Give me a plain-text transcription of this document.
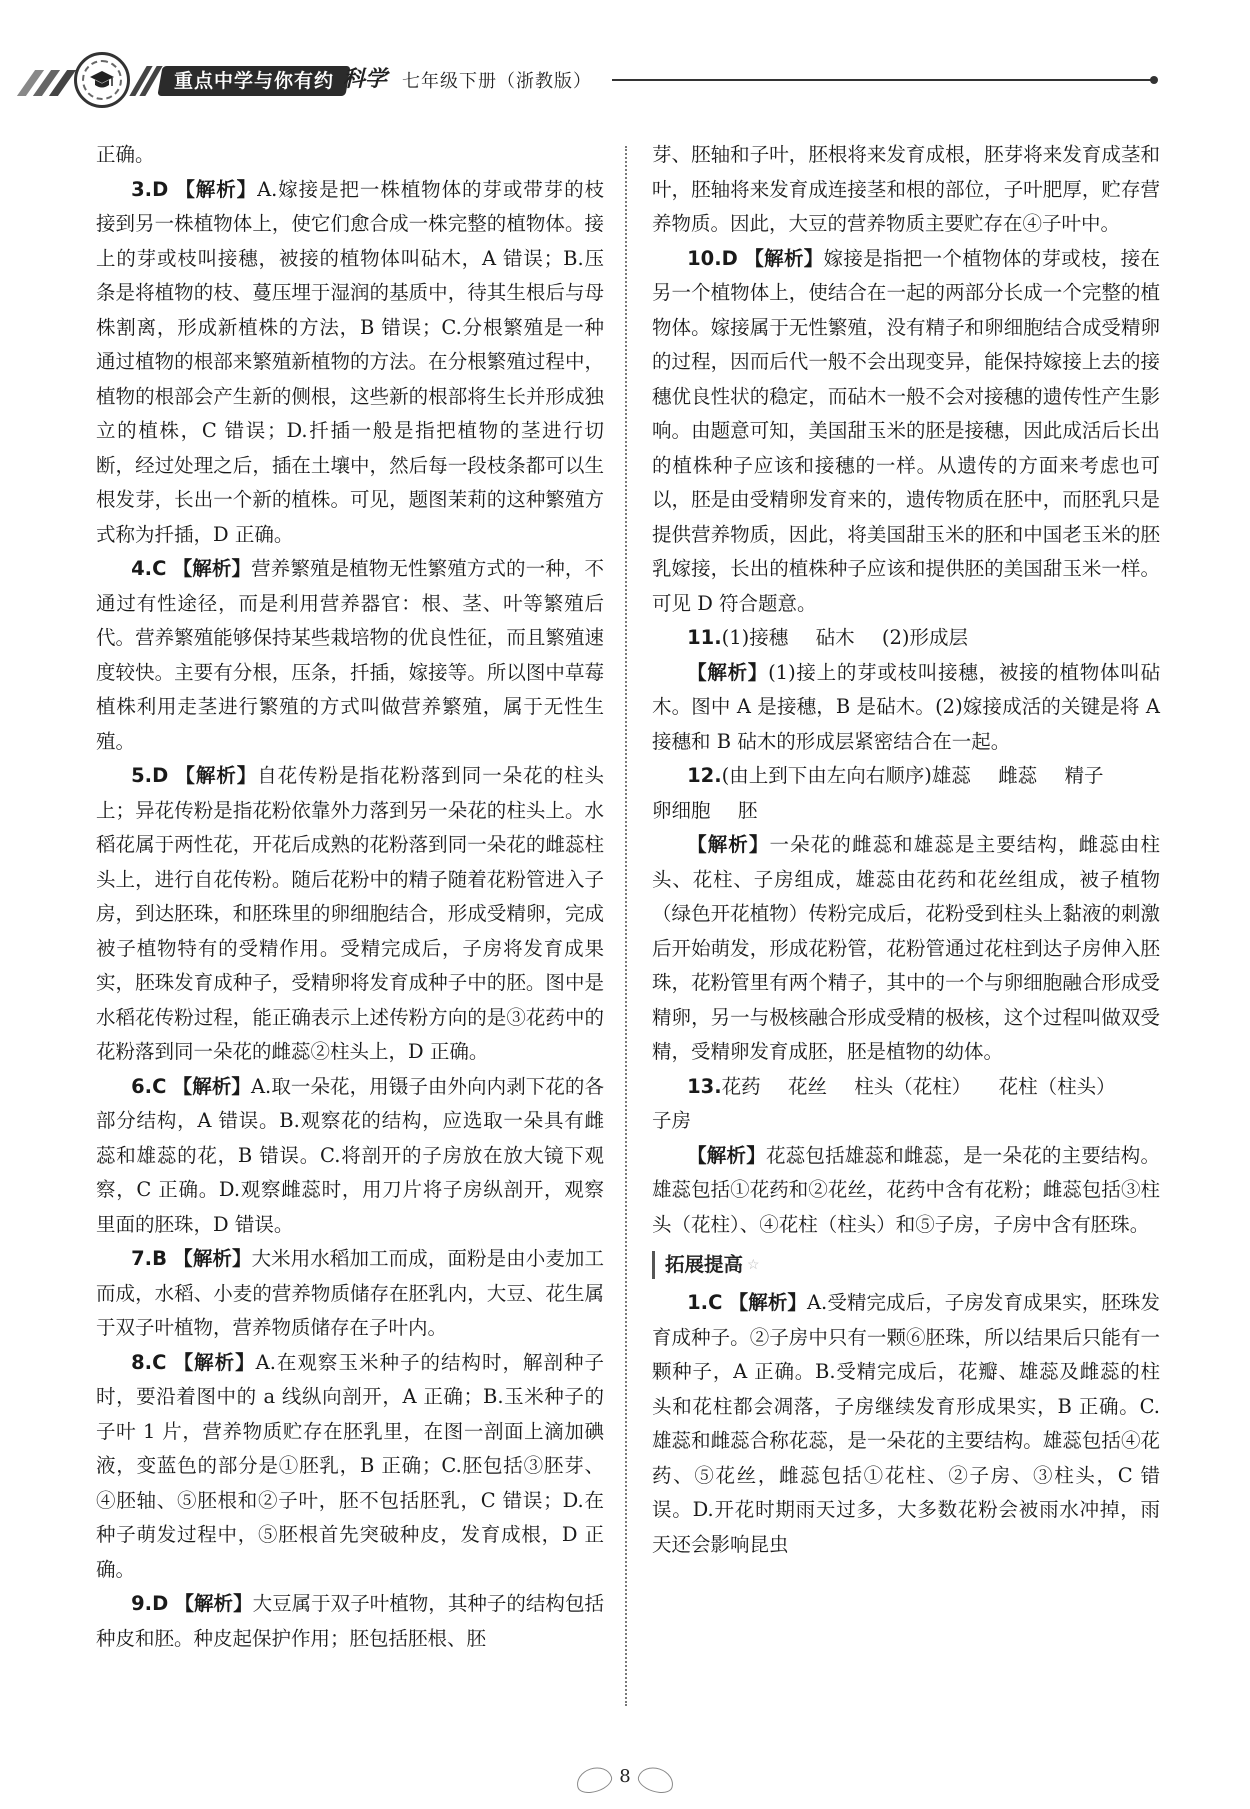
重点中学与你有约 科学 七年级下册（浙教版）

正确。

3.D 【解析】A.嫁接是把一株植物体的芽或带芽的枝接到另一株植物体上，使它们愈合成一株完整的植物体。接上的芽或枝叫接穗，被接的植物体叫砧木，A 错误；B.压条是将植物的枝、蔓压埋于湿润的基质中，待其生根后与母株割离，形成新植株的方法，B 错误；C.分根繁殖是一种通过植物的根部来繁殖新植物的方法。在分根繁殖过程中，植物的根部会产生新的侧根，这些新的根部将生长并形成独立的植株，C 错误；D.扦插一般是指把植物的茎进行切断，经过处理之后，插在土壤中，然后每一段枝条都可以生根发芽，长出一个新的植株。可见，题图茉莉的这种繁殖方式称为扦插，D 正确。

4.C 【解析】营养繁殖是植物无性繁殖方式的一种，不通过有性途径，而是利用营养器官：根、茎、叶等繁殖后代。营养繁殖能够保持某些栽培物的优良性征，而且繁殖速度较快。主要有分根，压条，扦插，嫁接等。所以图中草莓植株利用走茎进行繁殖的方式叫做营养繁殖，属于无性生殖。

5.D 【解析】自花传粉是指花粉落到同一朵花的柱头上；异花传粉是指花粉依靠外力落到另一朵花的柱头上。水稻花属于两性花，开花后成熟的花粉落到同一朵花的雌蕊柱头上，进行自花传粉。随后花粉中的精子随着花粉管进入子房，到达胚珠，和胚珠里的卵细胞结合，形成受精卵，完成被子植物特有的受精作用。受精完成后，子房将发育成果实，胚珠发育成种子，受精卵将发育成种子中的胚。图中是水稻花传粉过程，能正确表示上述传粉方向的是③花药中的花粉落到同一朵花的雌蕊②柱头上，D 正确。

6.C 【解析】A.取一朵花，用镊子由外向内剥下花的各部分结构，A 错误。B.观察花的结构，应选取一朵具有雌蕊和雄蕊的花，B 错误。C.将剖开的子房放在放大镜下观察，C 正确。D.观察雌蕊时，用刀片将子房纵剖开，观察里面的胚珠，D 错误。

7.B 【解析】大米用水稻加工而成，面粉是由小麦加工而成，水稻、小麦的营养物质储存在胚乳内，大豆、花生属于双子叶植物，营养物质储存在子叶内。

8.C 【解析】A.在观察玉米种子的结构时，解剖种子时，要沿着图中的 a 线纵向剖开，A 正确；B.玉米种子的子叶 1 片，营养物质贮存在胚乳里，在图一剖面上滴加碘液，变蓝色的部分是①胚乳，B 正确；C.胚包括③胚芽、④胚轴、⑤胚根和②子叶，胚不包括胚乳，C 错误；D.在种子萌发过程中，⑤胚根首先突破种皮，发育成根，D 正确。

9.D 【解析】大豆属于双子叶植物，其种子的结构包括种皮和胚。种皮起保护作用；胚包括胚根、胚

芽、胚轴和子叶，胚根将来发育成根，胚芽将来发育成茎和叶，胚轴将来发育成连接茎和根的部位，子叶肥厚，贮存营养物质。因此，大豆的营养物质主要贮存在④子叶中。

10.D 【解析】嫁接是指把一个植物体的芽或枝，接在另一个植物体上，使结合在一起的两部分长成一个完整的植物体。嫁接属于无性繁殖，没有精子和卵细胞结合成受精卵的过程，因而后代一般不会出现变异，能保持嫁接上去的接穗优良性状的稳定，而砧木一般不会对接穗的遗传性产生影响。由题意可知，美国甜玉米的胚是接穗，因此成活后长出的植株种子应该和接穗的一样。从遗传的方面来考虑也可以，胚是由受精卵发育来的，遗传物质在胚中，而胚乳只是提供营养物质，因此，将美国甜玉米的胚和中国老玉米的胚乳嫁接，长出的植株种子应该和提供胚的美国甜玉米一样。可见 D 符合题意。

11.(1)接穗 砧木 (2)形成层

【解析】(1)接上的芽或枝叫接穗，被接的植物体叫砧木。图中 A 是接穗，B 是砧木。(2)嫁接成活的关键是将 A 接穗和 B 砧木的形成层紧密结合在一起。

12.(由上到下由左向右顺序)雄蕊 雌蕊 精子
卵细胞 胚

【解析】一朵花的雌蕊和雄蕊是主要结构，雌蕊由柱头、花柱、子房组成，雄蕊由花药和花丝组成，被子植物（绿色开花植物）传粉完成后，花粉受到柱头上黏液的刺激后开始萌发，形成花粉管，花粉管通过花柱到达子房伸入胚珠，花粉管里有两个精子，其中的一个与卵细胞融合形成受精卵，另一与极核融合形成受精的极核，这个过程叫做双受精，受精卵发育成胚，胚是植物的幼体。

13.花药 花丝 柱头（花柱） 花柱（柱头）
子房

【解析】花蕊包括雄蕊和雌蕊，是一朵花的主要结构。雄蕊包括①花药和②花丝，花药中含有花粉；雌蕊包括③柱头（花柱）、④花柱（柱头）和⑤子房，子房中含有胚珠。

拓展提高 ☆

1.C 【解析】A.受精完成后，子房发育成果实，胚珠发育成种子。②子房中只有一颗⑥胚珠，所以结果后只能有一颗种子，A 正确。B.受精完成后，花瓣、雄蕊及雌蕊的柱头和花柱都会凋落，子房继续发育形成果实，B 正确。C.雄蕊和雌蕊合称花蕊，是一朵花的主要结构。雄蕊包括④花药、⑤花丝，雌蕊包括①花柱、②子房、③柱头，C 错误。D.开花时期雨天过多，大多数花粉会被雨水冲掉，雨天还会影响昆虫

8
